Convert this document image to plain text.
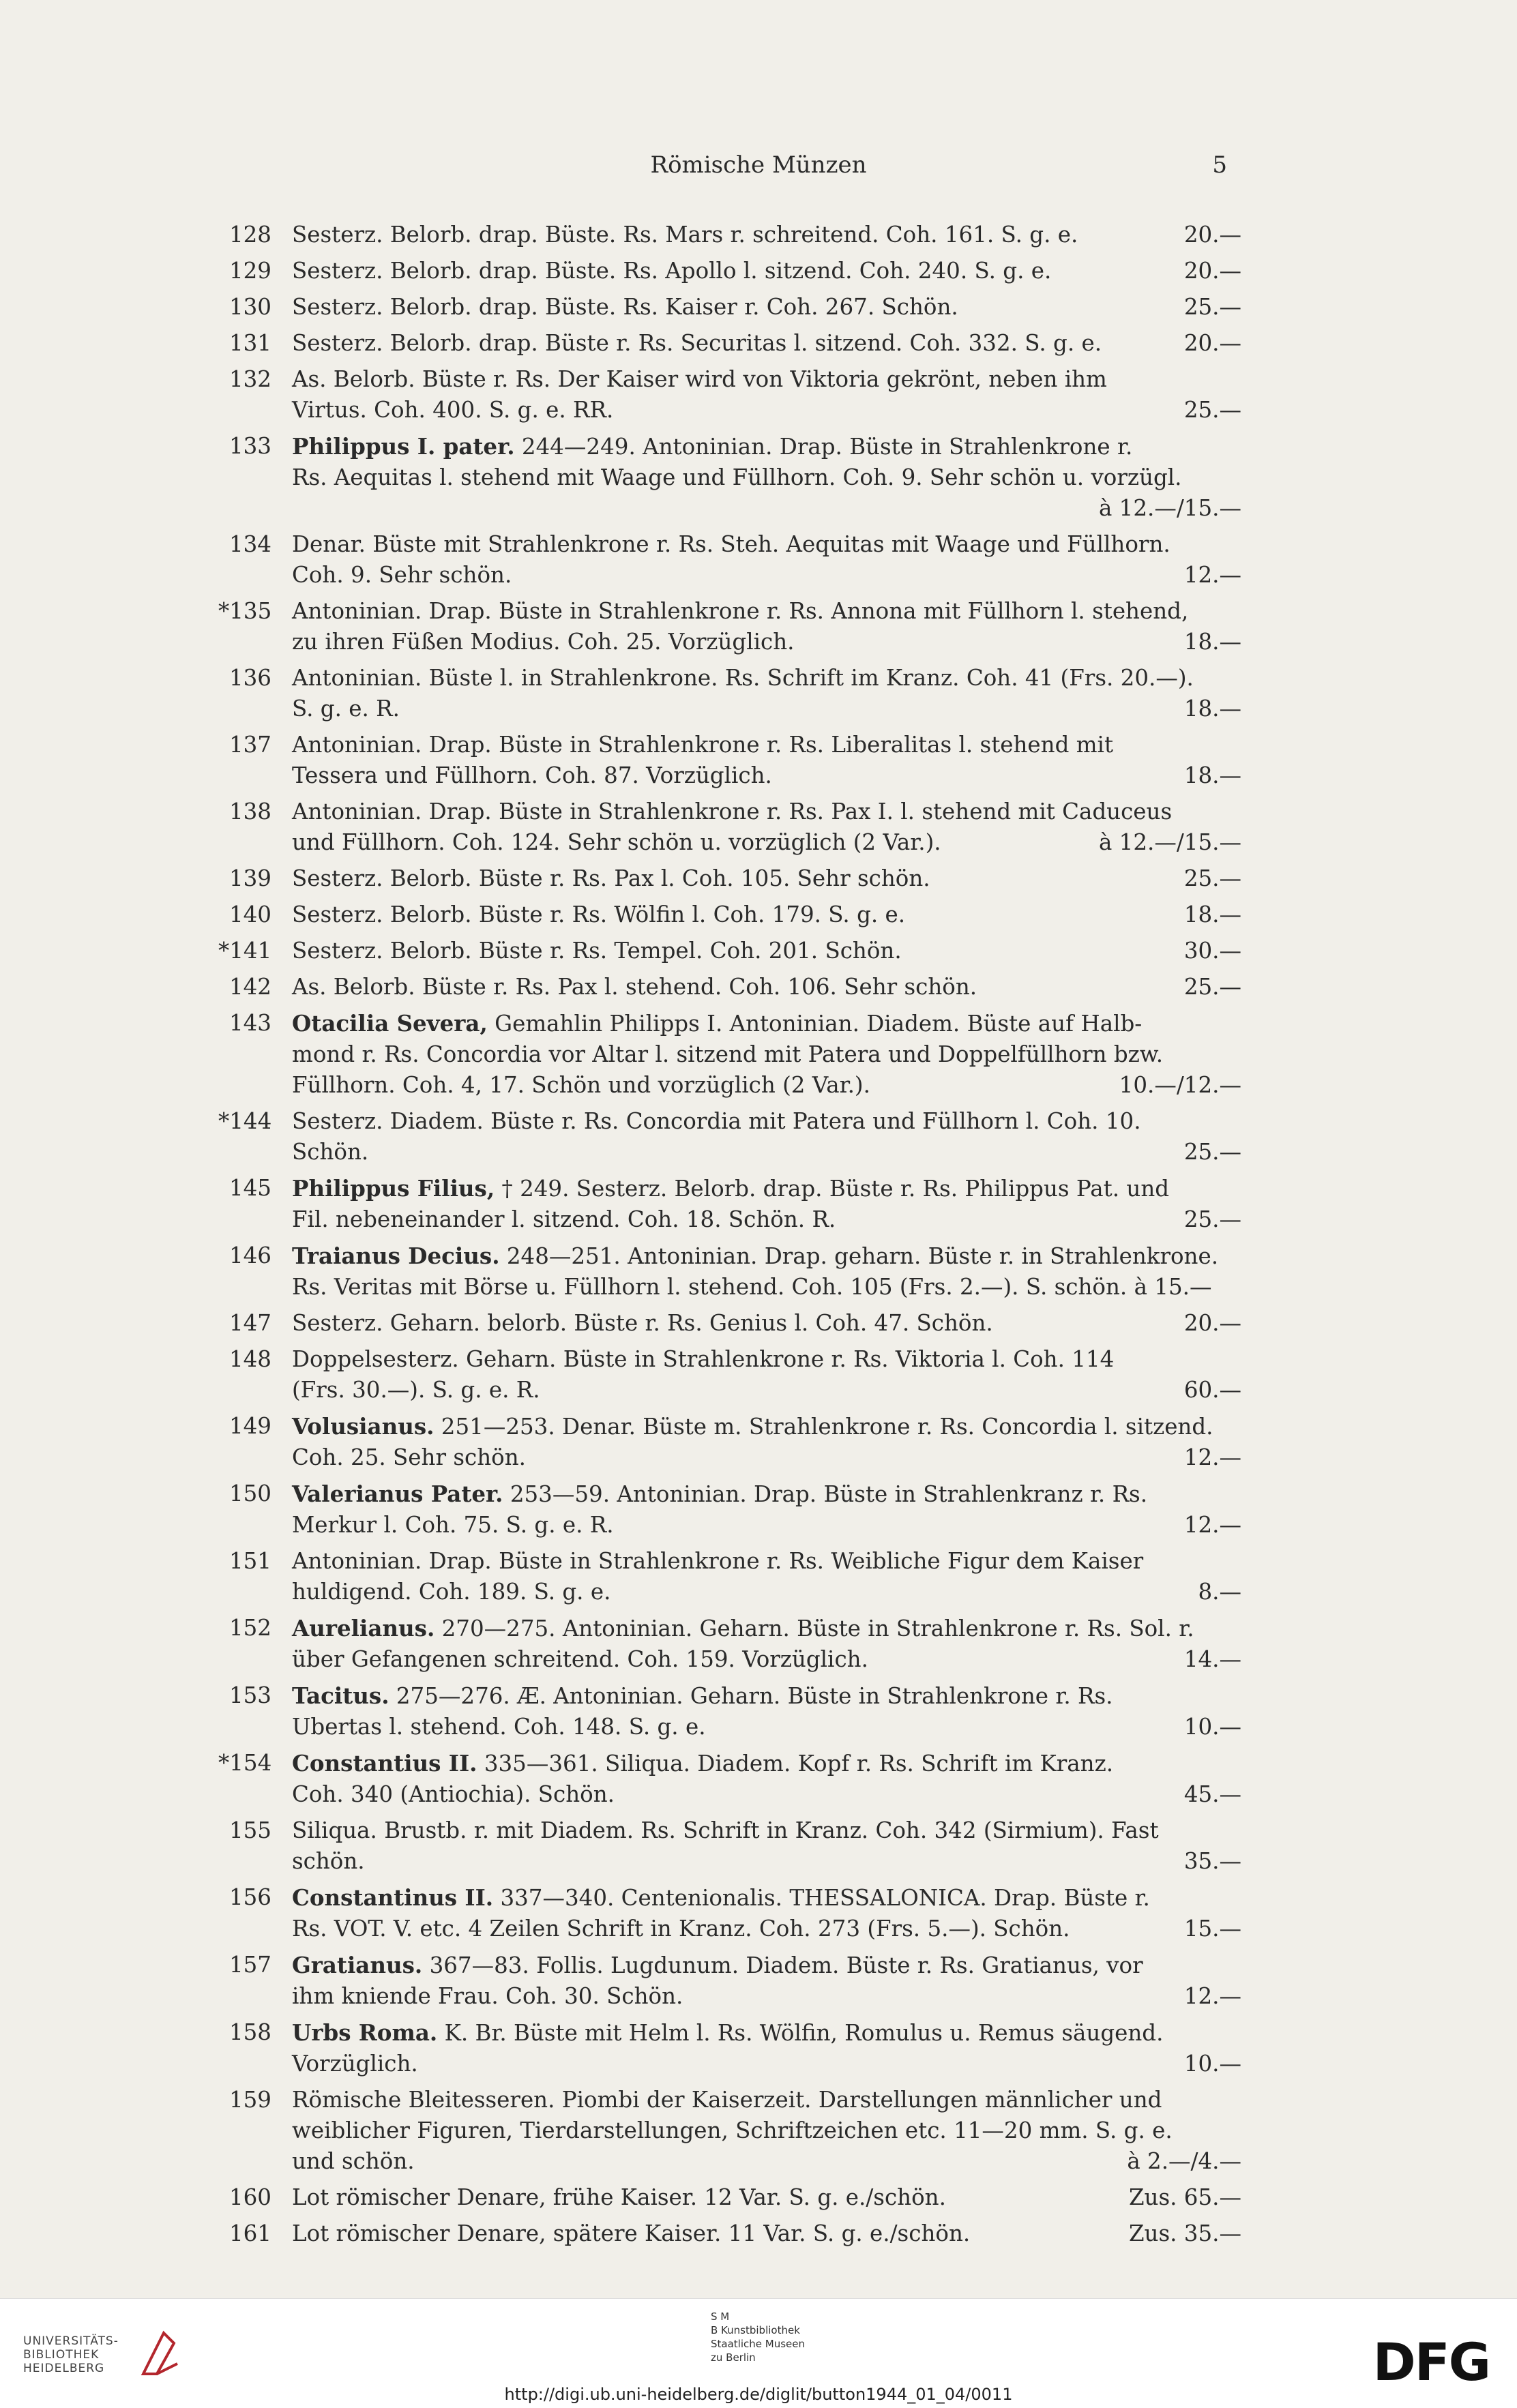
Römische Münzen	5
128 Sesterz. Belorb. drap. Büste. Rs. Mars r. schreitend. Coh. 161. S. g. e.	20.—
129 Sesterz. Belorb. drap. Büste. Rs. Apollo l. sitzend. Coh. 240. S. g. e.	20.—
130 Sesterz. Belorb. drap. Büste. Rs. Kaiser r. Coh. 267. Schön.	25.—
131 Sesterz. Belorb. drap. Büste r. Rs. Securitas l. sitzend. Coh. 332. S. g. e.	20.—
132 As. Belorb. Büste r. Rs. Der Kaiser wird von Viktoria gekrönt, neben ihm
Virtus. Coh. 400. S. g. e. RR.	25.—
133 Philippus I. pater. 244—249. Antoninian. Drap. Büste in Strahlenkrone r.
Rs. Aequitas l. stehend mit Waage und Füllhorn. Coh. 9. Sehr schön u. vorzügl.
à 12.—/15.—
134 Denar. Büste mit Strahlenkrone r. Rs. Steh. Aequitas mit Waage und Füllhorn.
Coh. 9. Sehr schön.	12.—
*135 Antoninian. Drap. Büste in Strahlenkrone r. Rs. Annona mit Füllhorn l. stehend,
zu ihren Füßen Modius. Coh. 25. Vorzüglich.	18.—
136 Antoninian. Büste l. in Strahlenkrone. Rs. Schrift im Kranz. Coh. 41 (Frs. 20.—).
S. g. e. R.	18.—
137 Antoninian. Drap. Büste in Strahlenkrone r. Rs. Liberalitas l. stehend mit
Tessera und Füllhorn. Coh. 87. Vorzüglich.	18.—
138 Antoninian. Drap. Büste in Strahlenkrone r. Rs. Pax I. l. stehend mit Caduceus
und Füllhorn. Coh. 124. Sehr schön u. vorzüglich (2 Var.).	à 12.—/15.—
139 Sesterz. Belorb. Büste r. Rs. Pax l. Coh. 105. Sehr schön.	25.—
140 Sesterz. Belorb. Büste r. Rs. Wölfin l. Coh. 179. S. g. e.	18.—
*141 Sesterz. Belorb. Büste r. Rs. Tempel. Coh. 201. Schön.	30.—
142 As. Belorb. Büste r. Rs. Pax l. stehend. Coh. 106. Sehr schön.	25.—
143 Otacilia Severa, Gemahlin Philipps I. Antoninian. Diadem. Büste auf Halb-
mond r. Rs. Concordia vor Altar l. sitzend mit Patera und Doppelfüllhorn bzw.
Füllhorn. Coh. 4, 17. Schön und vorzüglich (2 Var.).	10.—/12.—
*144 Sesterz. Diadem. Büste r. Rs. Concordia mit Patera und Füllhorn l. Coh. 10.
Schön.	25.—
145 Philippus Filius, † 249. Sesterz. Belorb. drap. Büste r. Rs. Philippus Pat. und
Fil. nebeneinander l. sitzend. Coh. 18. Schön. R.	25.—
146 Traianus Decius. 248—251. Antoninian. Drap. geharn. Büste r. in Strahlenkrone.
Rs. Veritas mit Börse u. Füllhorn l. stehend. Coh. 105 (Frs. 2.—). S. schön. à 15.—
147 Sesterz. Geharn. belorb. Büste r. Rs. Genius l. Coh. 47. Schön.	20.—
148 Doppelsesterz. Geharn. Büste in Strahlenkrone r. Rs. Viktoria l. Coh. 114
(Frs. 30.—). S. g. e. R.	60.—
149 Volusianus. 251—253. Denar. Büste m. Strahlenkrone r. Rs. Concordia l. sitzend.
Coh. 25. Sehr schön.	12.—
150 Valerianus Pater. 253—59. Antoninian. Drap. Büste in Strahlenkranz r. Rs.
Merkur l. Coh. 75. S. g. e. R.	12.—
151 Antoninian. Drap. Büste in Strahlenkrone r. Rs. Weibliche Figur dem Kaiser
huldigend. Coh. 189. S. g. e.	8.—
152 Aurelianus. 270—275. Antoninian. Geharn. Büste in Strahlenkrone r. Rs. Sol. r.
über Gefangenen schreitend. Coh. 159. Vorzüglich.	14.—
153 Tacitus. 275—276. Æ. Antoninian. Geharn. Büste in Strahlenkrone r. Rs.
Ubertas l. stehend. Coh. 148. S. g. e.	10.—
*154 Constantius II. 335—361. Siliqua. Diadem. Kopf r. Rs. Schrift im Kranz.
Coh. 340 (Antiochia). Schön.	45.—
155 Siliqua. Brustb. r. mit Diadem. Rs. Schrift in Kranz. Coh. 342 (Sirmium). Fast
schön.	35.—
156 Constantinus II. 337—340. Centenionalis. THESSALONICA. Drap. Büste r.
Rs. VOT. V. etc. 4 Zeilen Schrift in Kranz. Coh. 273 (Frs. 5.—). Schön.	15.—
157 Gratianus. 367—83. Follis. Lugdunum. Diadem. Büste r. Rs. Gratianus, vor
ihm kniende Frau. Coh. 30. Schön.	12.—
158 Urbs Roma. K. Br. Büste mit Helm l. Rs. Wölfin, Romulus u. Remus säugend.
Vorzüglich.	10.—
159 Römische Bleitesseren. Piombi der Kaiserzeit. Darstellungen männlicher und
weiblicher Figuren, Tierdarstellungen, Schriftzeichen etc. 11—20 mm. S. g. e.
und schön.	à 2.—/4.—
160 Lot römischer Denare, frühe Kaiser. 12 Var. S. g. e./schön.	Zus. 65.—
161 Lot römischer Denare, spätere Kaiser. 11 Var. S. g. e./schön.	Zus. 35.—
UNIVERSITÄTS-
BIBLIOTHEK
HEIDELBERG
S M
B Kunstbibliothek
Staatliche Museen
zu Berlin	DFG
http://digi.ub.uni-heidelberg.de/diglit/button1944_01_04/0011
